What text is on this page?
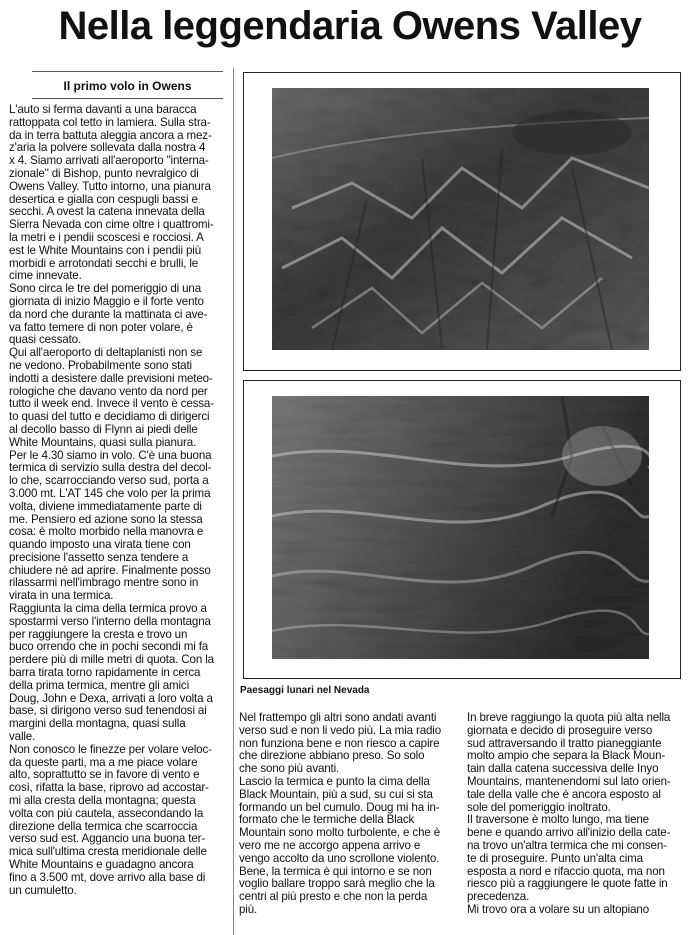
Nella leggendaria Owens Valley
Il primo volo in Owens
L'auto si ferma davanti a una baracca
rattoppata col tetto in lamiera. Sulla stra-
da in terra battuta aleggia ancora a mez-
z'aria la polvere sollevata dalla nostra 4
x 4. Siamo arrivati all'aeroporto "interna-
zionale" di Bishop, punto nevralgico di
Owens Valley. Tutto intorno, una pianura
desertica e gialla con cespugli bassi e
secchi. A ovest la catena innevata della
Sierra Nevada con cime oltre i quattromi-
la metri e i pendii scoscesi e rocciosi. A
est le White Mountains con i pendii più
morbidi e arrotondati secchi e brulli, le
cime innevate.
Sono circa le tre del pomeriggio di una
giornata di inizio Maggio e il forte vento
da nord che durante la mattinata ci ave-
va fatto temere di non poter volare, è
quasi cessato.
Qui all'aeroporto di deltaplanisti non se
ne vedono. Probabilmente sono stati
indotti a desistere dalle previsioni meteo-
rologiche che davano vento da nord per
tutto il week end. Invece il vento è cessa-
to quasi del tutto e decidiamo di dirigerci
al decollo basso di Flynn ai piedi delle
White Mountains, quasi sulla pianura.
Per le 4.30 siamo in volo. C'è una buona
termica di servizio sulla destra del decol-
lo che, scarrocciando verso sud, porta a
3.000 mt. L'AT 145 che volo per la prima
volta, diviene immediatamente parte di
me. Pensiero ed azione sono la stessa
cosa: è molto morbido nella manovra e
quando imposto una virata tiene con
precisione l'assetto senza tendere a
chiudere nè ad aprire. Finalmente posso
rilassarmi nell'imbrago mentre sono in
virata in una termica.
Raggiunta la cima della termica provo a
spostarmi verso l'interno della montagna
per raggiungere la cresta e trovo un
buco orrendo che in pochi secondi mi fa
perdere più di mille metri di quota. Con la
barra tirata torno rapidamente in cerca
della prima termica, mentre gli amici
Doug, John e Dexa, arrivati a loro volta a
base, si dirigono verso sud tenendosi ai
margini della montagna, quasi sulla
valle.
Non conosco le finezze per volare veloc-
da queste parti, ma a me piace volare
alto, soprattutto se in favore di vento e
così, rifatta la base, riprovo ad accostar-
mi alla cresta della montagna; questa
volta con più cautela, assecondando la
direzione della termica che scarroccia
verso sud est. Aggancio una buona ter-
mica sull'ultima cresta meridionale delle
White Mountains e guadagno ancora
fino a 3.500 mt, dove arrivo alla base di
un cumuletto.
Paesaggi lunari nel Nevada
Nel frattempo gli altri sono andati avanti
verso sud e non li vedo più. La mia radio
non funziona bene e non riesco a capire
che direzione abbiano preso. So solo
che sono più avanti.
Lascio la termica e punto la cima della
Black Mountain, più a sud, su cui si sta
formando un bel cumulo. Doug mi ha in-
formato che le termiche della Black
Mountain sono molto turbolente, e che è
vero me ne accorgo appena arrivo e
vengo accolto da uno scrollone violento.
Bene, la termica è qui intorno e se non
voglio ballare troppo sarà meglio che la
centri al più presto e che non la perda
più.
In breve raggiungo la quota più alta nella
giornata e decido di proseguire verso
sud attraversando il tratto pianeggiante
molto ampio che separa la Black Moun-
tain dalla catena successiva delle Inyo
Mountains, mantenendomi sul lato orien-
tale della valle che è ancora esposto al
sole del pomeriggio inoltrato.
Il traversone è molto lungo, ma tiene
bene e quando arrivo all'inizio della cate-
na trovo un'altra termica che mi consen-
te di proseguire. Punto un'alta cima
esposta a nord e rifaccio quota, ma non
riesco più a raggiungere le quote fatte in
precedenza.
Mi trovo ora a volare su un altopiano
